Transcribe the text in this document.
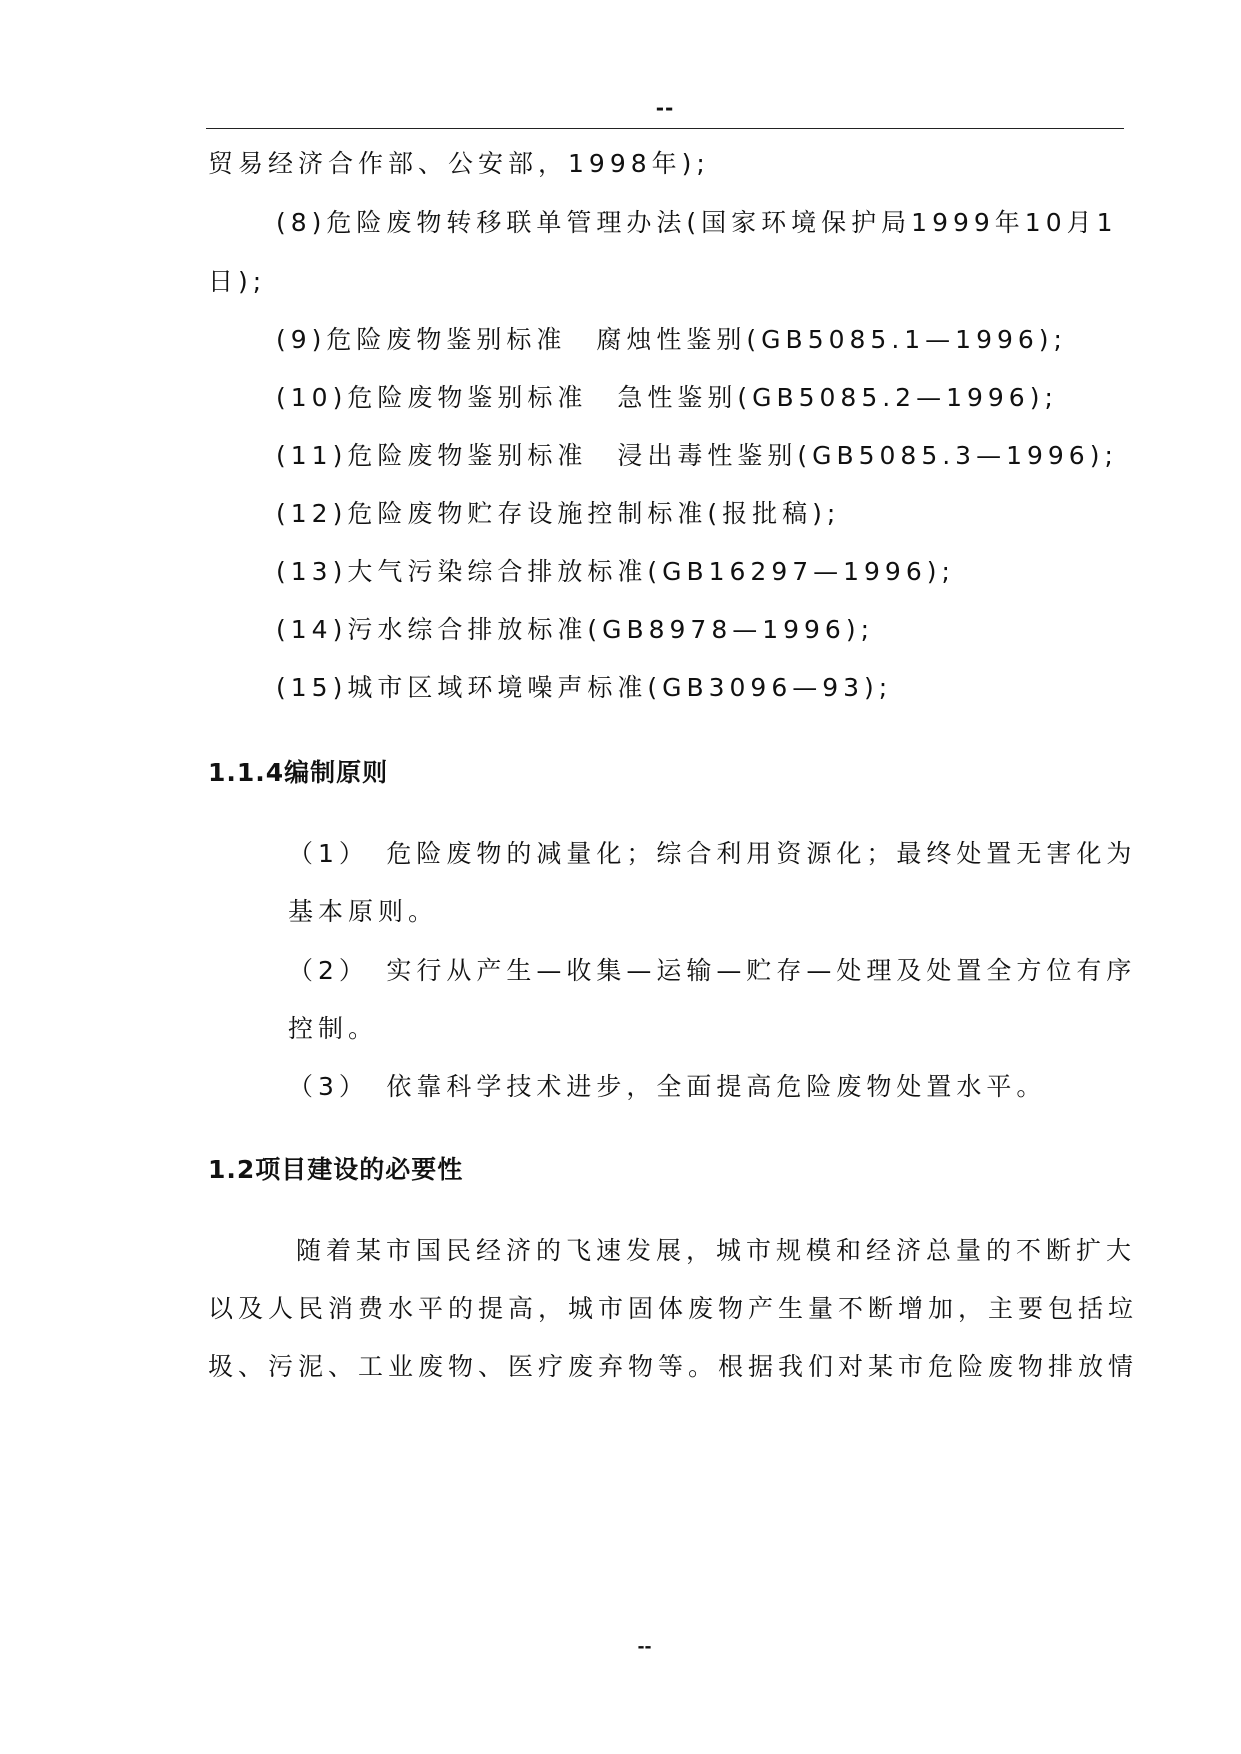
--
贸易经济合作部、公安部，1998年);
(8)危险废物转移联单管理办法(国家环境保护局1999年10月1
日);
(9)危险废物鉴别标准　腐烛性鉴别(GB5085.1—1996);
(10)危险废物鉴别标准　急性鉴别(GB5085.2—1996);
(11)危险废物鉴别标准　浸出毒性鉴别(GB5085.3—1996);
(12)危险废物贮存设施控制标准(报批稿);
(13)大气污染综合排放标准(GB16297—1996);
(14)污水综合排放标准(GB8978—1996);
(15)城市区域环境噪声标准(GB3096—93);
1.1.4编制原则
（1）　危险废物的减量化；综合利用资源化；最终处置无害化为
基本原则。
（2）　实行从产生—收集—运输—贮存—处理及处置全方位有序
控制。
（3）　依靠科学技术进步，全面提高危险废物处置水平。
1.2项目建设的必要性
随着某市国民经济的飞速发展，城市规模和经济总量的不断扩大
以及人民消费水平的提高，城市固体废物产生量不断增加，主要包括垃
圾、污泥、工业废物、医疗废弃物等。根据我们对某市危险废物排放情
--
